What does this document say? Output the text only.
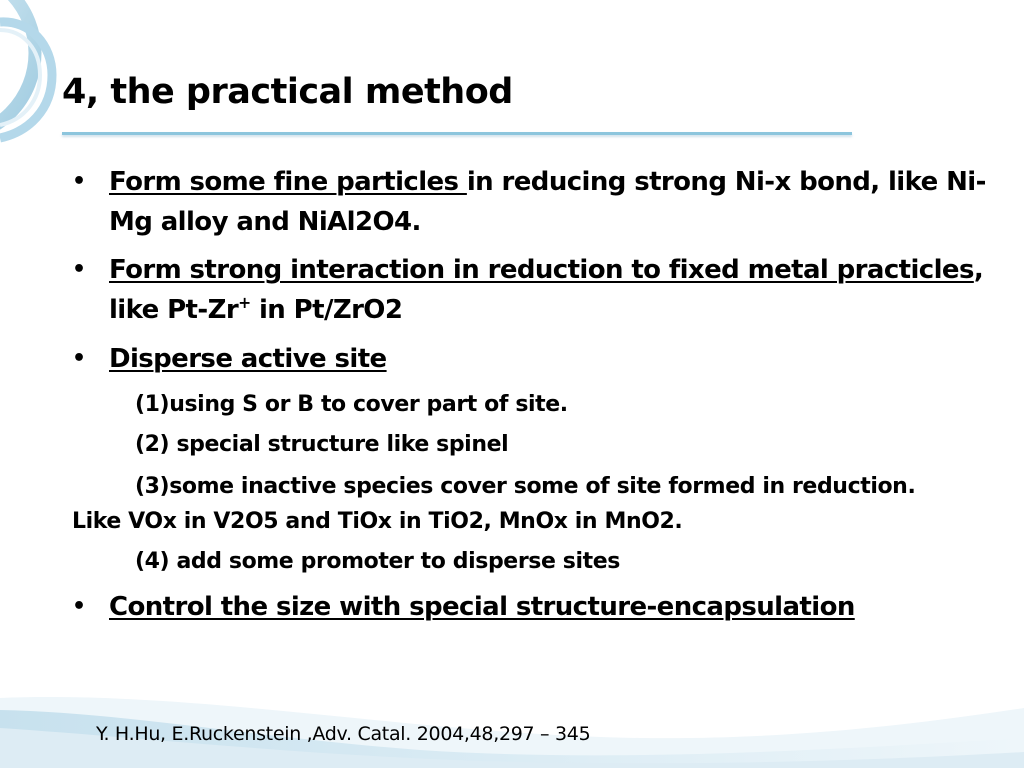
4, the practical method
• Form some fine particles in reducing strong Ni-x bond, like Ni-Mg alloy and NiAl2O4.
• Form strong interaction in reduction to fixed metal practicles, like Pt-Zr+ in Pt/ZrO2
• Disperse active site
(1)using S or B to cover part of site.
(2) special structure like spinel
(3)some inactive species cover some of site formed in reduction.
Like VOx in V2O5 and TiOx in TiO2, MnOx in MnO2.
(4) add some promoter to disperse sites
• Control the size with special structure-encapsulation
Y. H.Hu, E.Ruckenstein ,Adv. Catal. 2004,48,297 – 345
